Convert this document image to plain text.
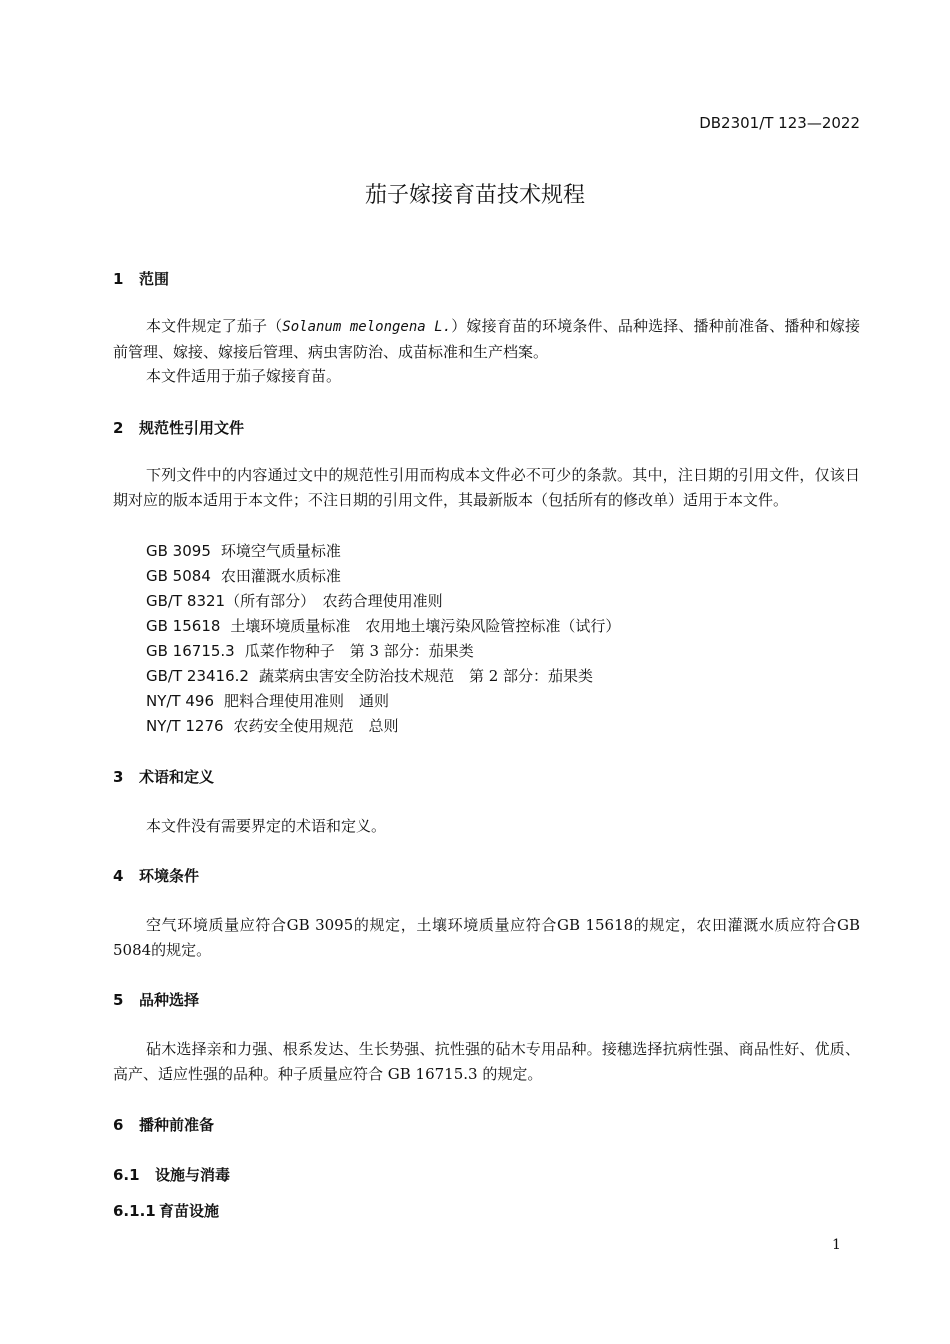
DB2301/T 123—2022
茄子嫁接育苗技术规程
1 范围
本文件规定了茄子（Solanum melongena L.）嫁接育苗的环境条件、品种选择、播种前准备、播种和嫁接前管理、嫁接、嫁接后管理、病虫害防治、成苗标准和生产档案。
本文件适用于茄子嫁接育苗。
2 规范性引用文件
下列文件中的内容通过文中的规范性引用而构成本文件必不可少的条款。其中，注日期的引用文件，仅该日期对应的版本适用于本文件；不注日期的引用文件，其最新版本（包括所有的修改单）适用于本文件。
GB 3095 环境空气质量标准
GB 5084 农田灌溉水质标准
GB/T 8321（所有部分）　农药合理使用准则
GB 15618 土壤环境质量标准　农用地土壤污染风险管控标准（试行）
GB 16715.3 瓜菜作物种子　第 3 部分：茄果类
GB/T 23416.2 蔬菜病虫害安全防治技术规范　第 2 部分：茄果类
NY/T 496 肥料合理使用准则　通则
NY/T 1276 农药安全使用规范　总则
3 术语和定义
本文件没有需要界定的术语和定义。
4 环境条件
空气环境质量应符合GB 3095的规定，土壤环境质量应符合GB 15618的规定，农田灌溉水质应符合GB 5084的规定。
5 品种选择
砧木选择亲和力强、根系发达、生长势强、抗性强的砧木专用品种。接穗选择抗病性强、商品性好、优质、高产、适应性强的品种。种子质量应符合 GB 16715.3 的规定。
6 播种前准备
6.1 设施与消毒
6.1.1 育苗设施
1
